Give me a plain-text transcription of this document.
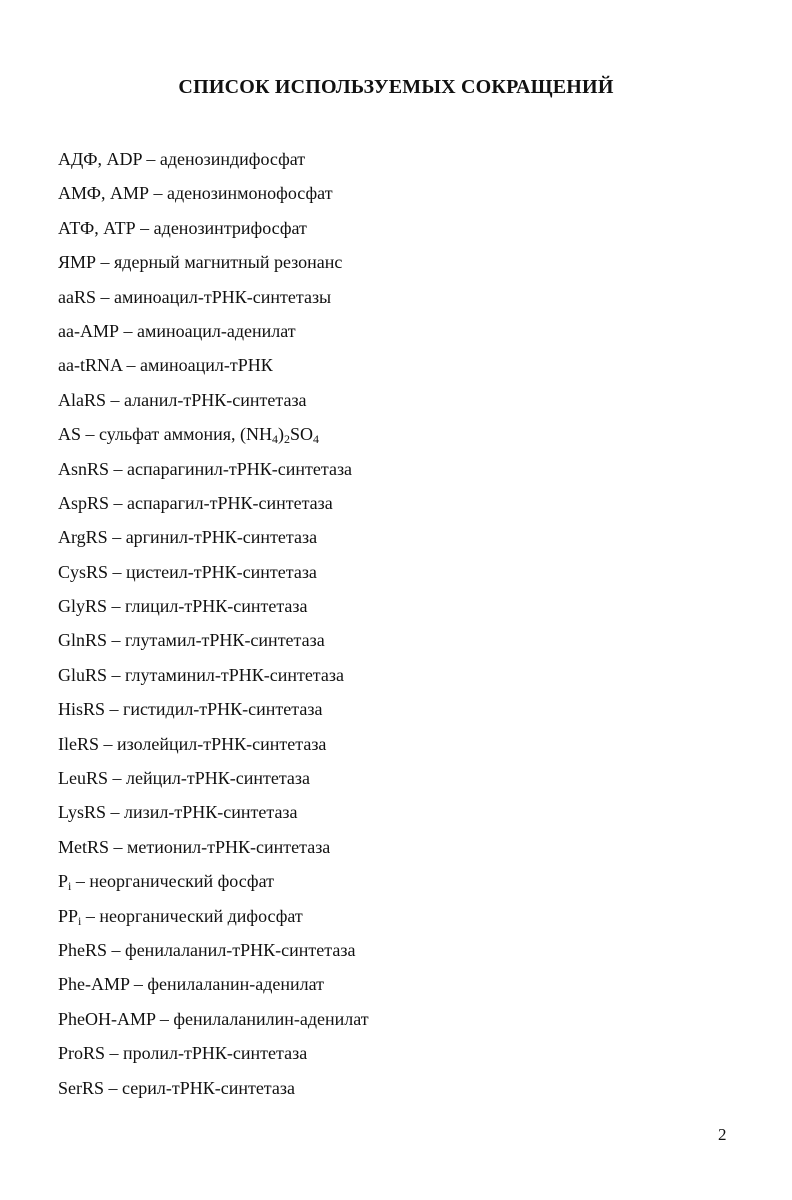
СПИСОК ИСПОЛЬЗУЕМЫХ СОКРАЩЕНИЙ
АДФ, ADP – аденозиндифосфат
АМФ, АМР – аденозинмонофосфат
АТФ, АТР – аденозинтрифосфат
ЯМР – ядерный магнитный резонанс
aaRS – аминоацил-тРНК-синтетазы
аа-АМР – аминоацил-аденилат
aa-tRNA – аминоацил-тРНК
AlaRS – аланил-тРНК-синтетаза
AS – сульфат аммония, $(NH_4)_2SO_4$
AsnRS – аспарагинил-тРНК-синтетаза
AspRS – аспарагил-тРНК-синтетаза
ArgRS – аргинил-тРНК-синтетаза
CysRS – цистеил-тРНК-синтетаза
GlyRS – глицил-тРНК-синтетаза
GlnRS – глутамил-тРНК-синтетаза
GluRS – глутаминил-тРНК-синтетаза
HisRS – гистидил-тРНК-синтетаза
IleRS – изолейцил-тРНК-синтетаза
LeuRS – лейцил-тРНК-синтетаза
LysRS – лизил-тРНК-синтетаза
MetRS – метионил-тРНК-синтетаза
$P_i$ – неорганический фосфат
$PP_i$ – неорганический дифосфат
PheRS – фенилаланил-тРНК-синтетаза
Phe-AMP – фенилаланин-аденилат
PheOH-AMP – фенилаланилин-аденилат
ProRS – пролил-тРНК-синтетаза
SerRS – серил-тРНК-синтетаза
2
